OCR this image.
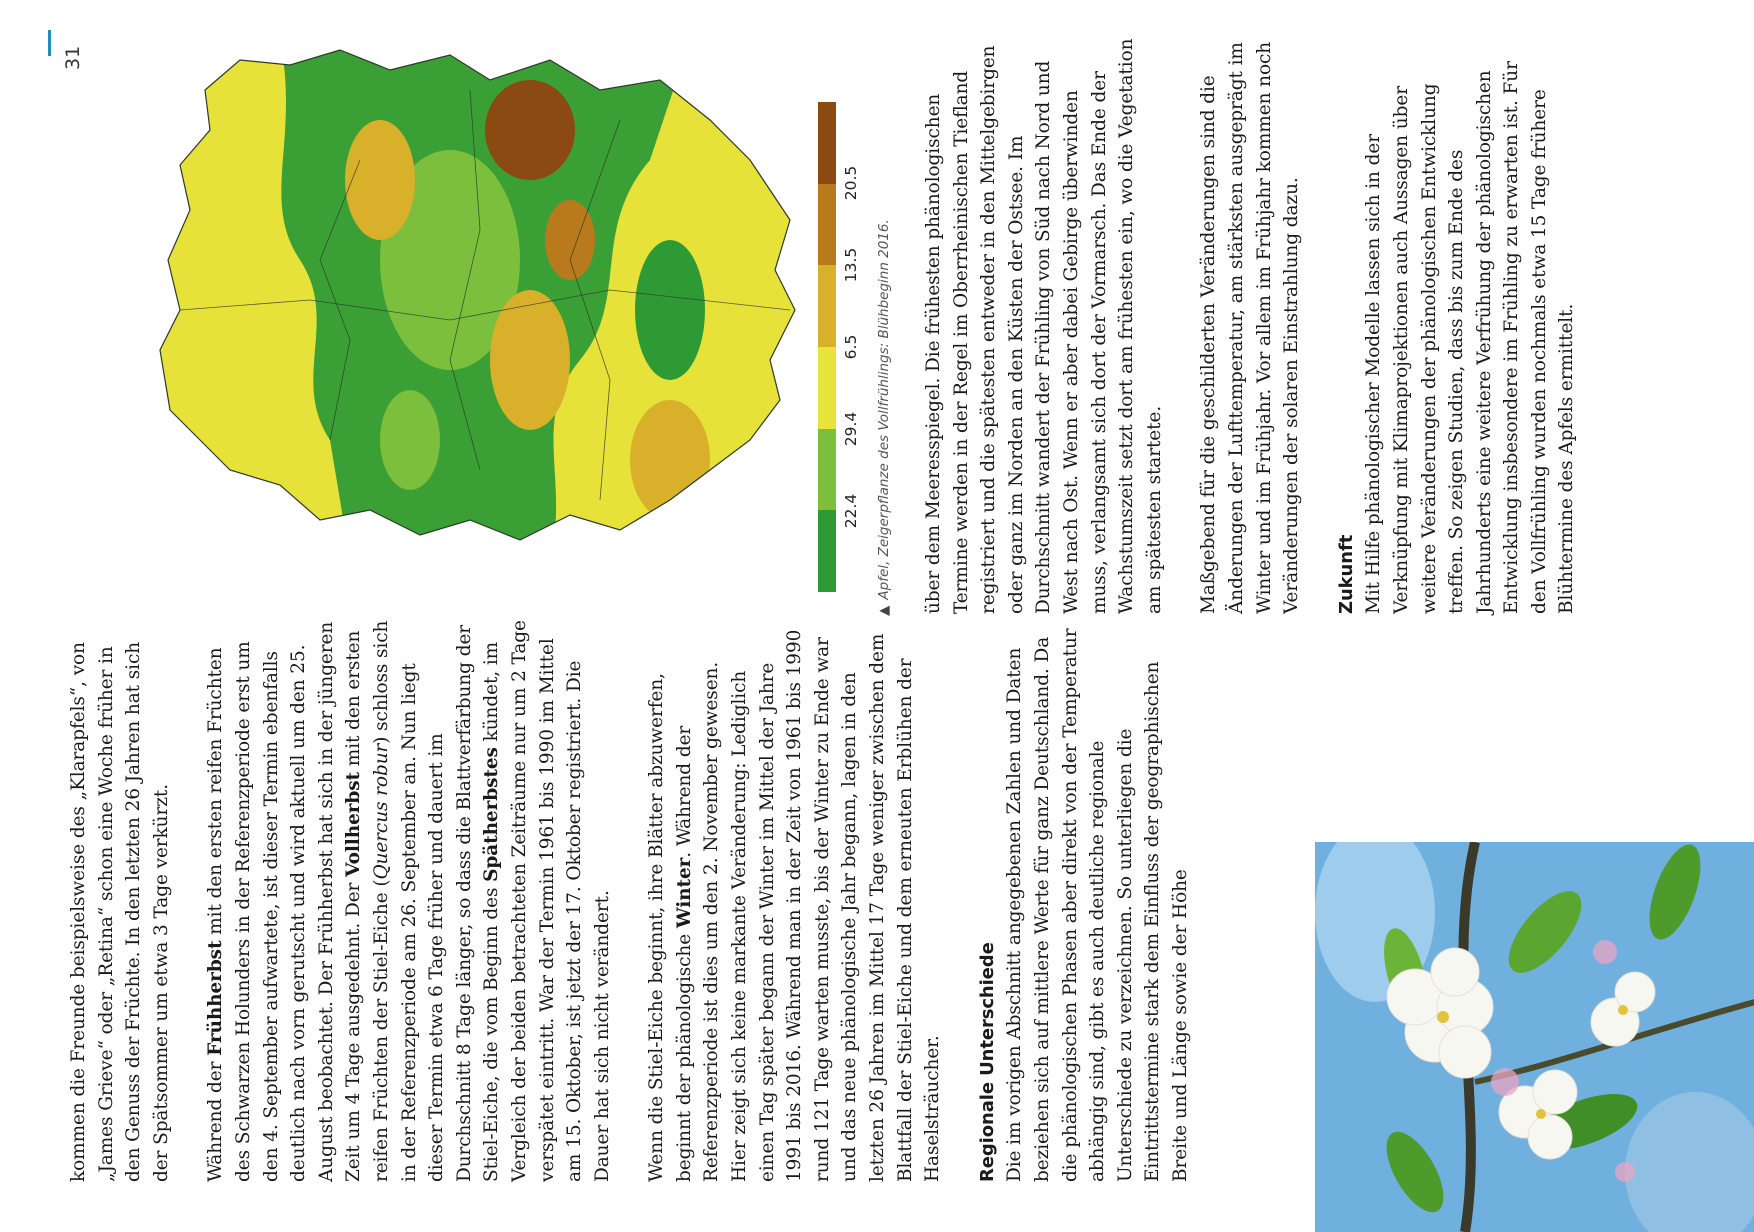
31
22.4
29.4
6.5
13.5
20.5
▲Apfel, Zeigerpflanze des Vollfrühlings: Blühbeginn 2016. über dem Meeresspiegel. Die frühesten phänologischen Termine werden in der Regel im Oberrheinischen Tiefland registriert und die spätesten entweder in den Mittelgebirgen oder ganz im Norden an den Küsten der Ostsee. Im Durchschnitt wandert der Frühling von Süd nach Nord und West nach Ost. Wenn er aber dabei Gebirge überwinden muss, verlangsamt sich dort der Vormarsch. Das Ende der Wachstumszeit setzt dort am frühesten ein, wo die Vegetation am spätesten startete. Maßgebend für die geschilderten Veränderungen sind die Änderungen der Lufttemperatur, am stärksten ausgeprägt im Winter und im Frühjahr. Vor allem im Frühjahr kommen noch Veränderungen der solaren Einstrahlung dazu. Zukunft Mit Hilfe phänologischer Modelle lassen sich in der Verknüpfung mit Klimaprojektionen auch Aussagen über weitere Veränderungen der phänologischen Entwicklung treffen. So zeigen Studien, dass bis zum Ende des Jahrhunderts eine weitere Verfrühung der phänologischen Entwicklung insbesondere im Frühling zu erwarten ist. Für den Vollfrühling wurden nochmals etwa 15 Tage frühere Blühtermine des Apfels ermittelt.

kommen die Freunde beispielsweise des „Klarapfels“, von „James Grieve“ oder „Retina“ schon eine Woche früher in den Genuss der Früchte. In den letzten 26 Jahren hat sich der Spätsommer um etwa 3 Tage verkürzt. Während der Frühherbst mit den ersten reifen Früchten des Schwarzen Holunders in der Referenzperiode erst um den 4. September aufwartete, ist dieser Termin ebenfalls deutlich nach vorn gerutscht und wird aktuell um den 25. August beobachtet. Der Frühherbst hat sich in der jüngeren Zeit um 4 Tage ausgedehnt. Der Vollherbst mit den ersten reifen Früchten der Stiel-Eiche (Quercus robur) schloss sich in der Referenzperiode am 26. September an. Nun liegt dieser Termin etwa 6 Tage früher und dauert im Durchschnitt 8 Tage länger, so dass die Blattverfärbung der Stiel-Eiche, die vom Beginn des Spätherbstes kündet, im Vergleich der beiden betrachteten Zeiträume nur um 2 Tage verspätet eintritt. War der Termin 1961 bis 1990 im Mittel am 15. Oktober, ist jetzt der 17. Oktober registriert. Die Dauer hat sich nicht verändert. Wenn die Stiel-Eiche beginnt, ihre Blätter abzuwerfen, beginnt der phänologische Winter. Während der Referenzperiode ist dies um den 2. November gewesen. Hier zeigt sich keine markante Veränderung: Lediglich einen Tag später begann der Winter im Mittel der Jahre 1991 bis 2016. Während man in der Zeit von 1961 bis 1990 rund 121 Tage warten musste, bis der Winter zu Ende war und das neue phänologische Jahr begann, lagen in den letzten 26 Jahren im Mittel 17 Tage weniger zwischen dem Blattfall der Stiel-Eiche und dem erneuten Erblühen der Haselsträucher. Regionale Unterschiede Die im vorigen Abschnitt angegebenen Zahlen und Daten beziehen sich auf mittlere Werte für ganz Deutschland. Da die phänologischen Phasen aber direkt von der Temperatur abhängig sind, gibt es auch deutliche regionale Unterschiede zu verzeichnen. So unterliegen die Eintrittstermine stark dem Einfluss der geographischen Breite und Länge sowie der Höhe
